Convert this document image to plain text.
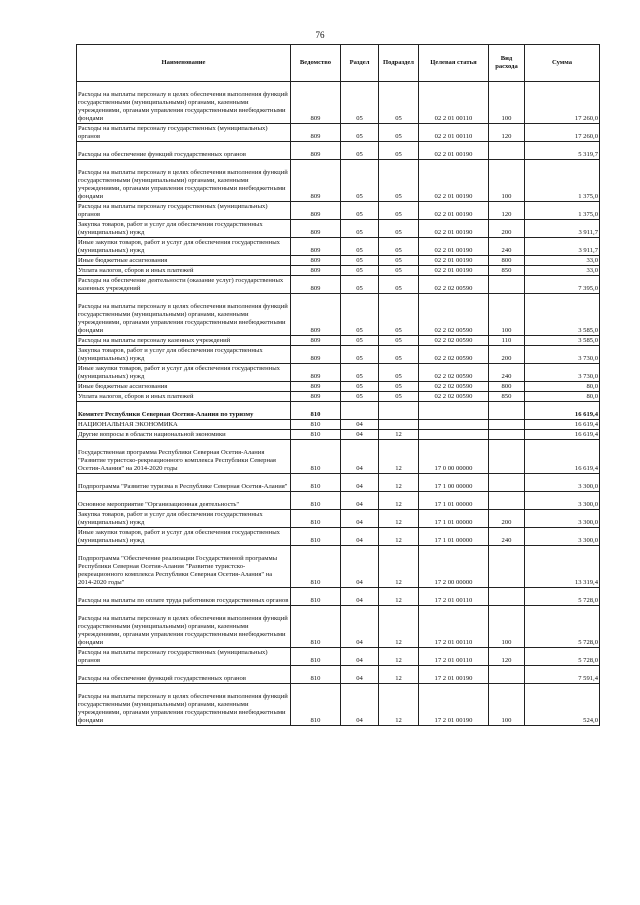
76
Наименование	Ведомство	Раздел	Подраздел	Целевая статья	Вид расхода	Сумма
Расходы на выплаты персоналу в целях обеспечения выполнения функций государственными (муниципальными) органами, казенными учреждениями, органами управления государственными внебюджетными фондами	809	05	05	02 2 01 00110	100	17 260,0
Расходы на выплаты персоналу государственных (муниципальных) органов	809	05	05	02 2 01 00110	120	17 260,0
Расходы на обеспечение функций государственных органов	809	05	05	02 2 01 00190		5 319,7
Расходы на выплаты персоналу в целях обеспечения выполнения функций государственными (муниципальными) органами, казенными учреждениями, органами управления государственными внебюджетными фондами	809	05	05	02 2 01 00190	100	1 375,0
Расходы на выплаты персоналу государственных (муниципальных) органов	809	05	05	02 2 01 00190	120	1 375,0
Закупка товаров, работ и услуг для обеспечения государственных (муниципальных) нужд	809	05	05	02 2 01 00190	200	3 911,7
Иные закупки товаров, работ и услуг для обеспечения государственных (муниципальных) нужд	809	05	05	02 2 01 00190	240	3 911,7
Иные бюджетные ассигнования	809	05	05	02 2 01 00190	800	33,0
Уплата налогов, сборов и иных платежей	809	05	05	02 2 01 00190	850	33,0
Расходы на обеспечение деятельности (оказание услуг) государственных казенных учреждений	809	05	05	02 2 02 00590		7 395,0
Расходы на выплаты персоналу в целях обеспечения выполнения функций государственными (муниципальными) органами, казенными учреждениями, органами управления государственными внебюджетными фондами	809	05	05	02 2 02 00590	100	3 585,0
Расходы на выплаты персоналу казенных учреждений	809	05	05	02 2 02 00590	110	3 585,0
Закупка товаров, работ и услуг для обеспечения государственных (муниципальных) нужд	809	05	05	02 2 02 00590	200	3 730,0
Иные закупки товаров, работ и услуг для обеспечения государственных (муниципальных) нужд	809	05	05	02 2 02 00590	240	3 730,0
Иные бюджетные ассигнования	809	05	05	02 2 02 00590	800	80,0
Уплата налогов, сборов и иных платежей	809	05	05	02 2 02 00590	850	80,0
Комитет Республики Северная Осетия-Алания по туризму	810					16 619,4
НАЦИОНАЛЬНАЯ ЭКОНОМИКА	810	04				16 619,4
Другие вопросы в области национальной экономики	810	04	12			16 619,4
Государственная программа Республики Северная Осетия-Алания "Развитие туристско-рекреационного комплекса Республики Северная Осетия-Алания" на 2014-2020 годы	810	04	12	17 0 00 00000		16 619,4
Подпрограмма "Развитие туризма в Республике Северная Осетия-Алания"	810	04	12	17 1 00 00000		3 300,0
Основное мероприятие "Организационная деятельность"	810	04	12	17 1 01 00000		3 300,0
Закупка товаров, работ и услуг для обеспечения государственных (муниципальных) нужд	810	04	12	17 1 01 00000	200	3 300,0
Иные закупки товаров, работ и услуг для обеспечения государственных (муниципальных) нужд	810	04	12	17 1 01 00000	240	3 300,0
Подпрограмма "Обеспечение реализации Государственной программы Республики Северная Осетия-Алания "Развитие туристско-рекреационного комплекса Республики Северная Осетия-Алания" на 2014-2020 годы"	810	04	12	17 2 00 00000		13 319,4
Расходы на выплаты по оплате труда работников государственных органов	810	04	12	17 2 01 00110		5 728,0
Расходы на выплаты персоналу в целях обеспечения выполнения функций государственными (муниципальными) органами, казенными учреждениями, органами управления государственными внебюджетными фондами	810	04	12	17 2 01 00110	100	5 728,0
Расходы на выплаты персоналу государственных (муниципальных) органов	810	04	12	17 2 01 00110	120	5 728,0
Расходы на обеспечение функций государственных органов	810	04	12	17 2 01 00190		7 591,4
Расходы на выплаты персоналу в целях обеспечения выполнения функций государственными (муниципальными) органами, казенными учреждениями, органами управления государственными внебюджетными фондами	810	04	12	17 2 01 00190	100	524,0
